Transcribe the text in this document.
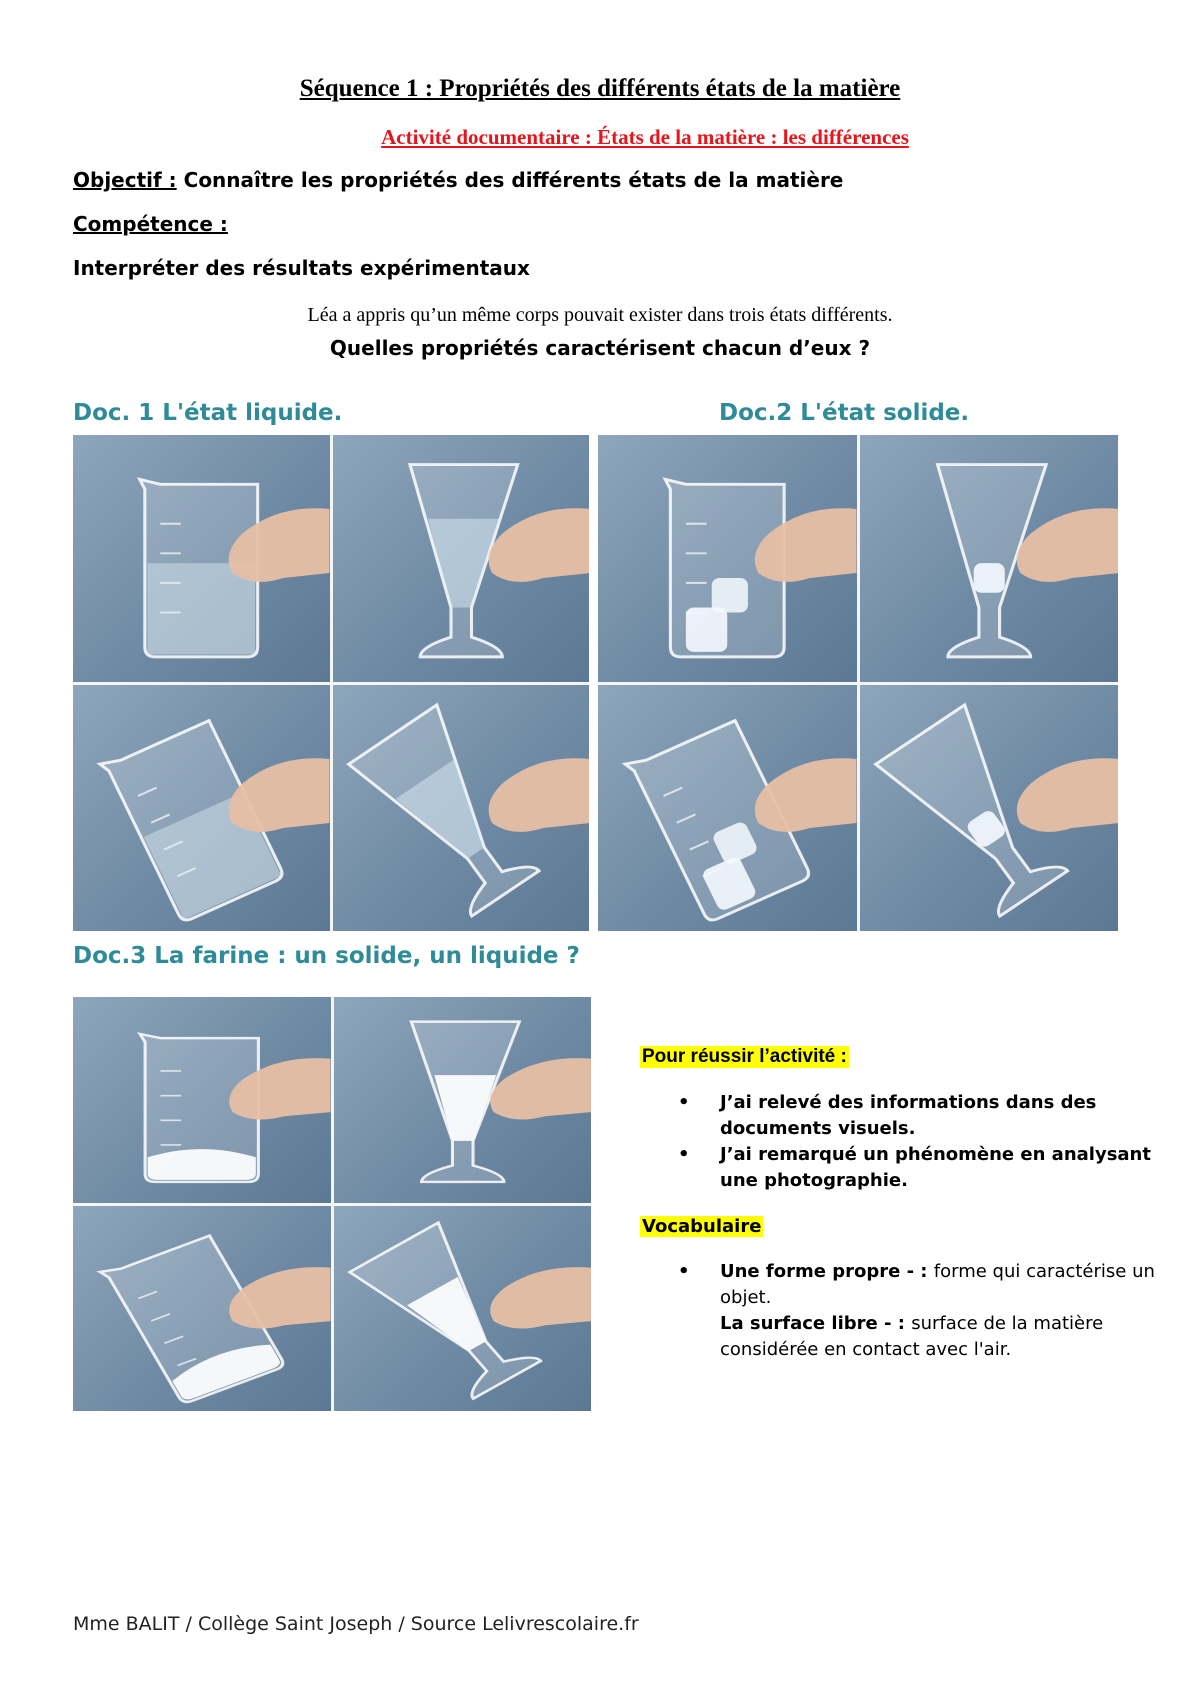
Séquence 1 : Propriétés des différents états de la matière
Activité documentaire : États de la matière : les différences
Objectif : Connaître les propriétés des différents états de la matière
Compétence :
Interpréter des résultats expérimentaux
Léa a appris qu’un même corps pouvait exister dans trois états différents.
Quelles propriétés caractérisent chacun d’eux ?
Doc. 1 L'état liquide.	Doc.2 L'état solide.
Doc.3 La farine : un solide, un liquide ?
Pour réussir l’activité :
• J’ai relevé des informations dans des documents visuels.
• J’ai remarqué un phénomène en analysant une photographie.
Vocabulaire
• Une forme propre - : forme qui caractérise un objet.
La surface libre - : surface de la matière considérée en contact avec l'air.
Mme BALIT / Collège Saint Joseph / Source Lelivrescolaire.fr
